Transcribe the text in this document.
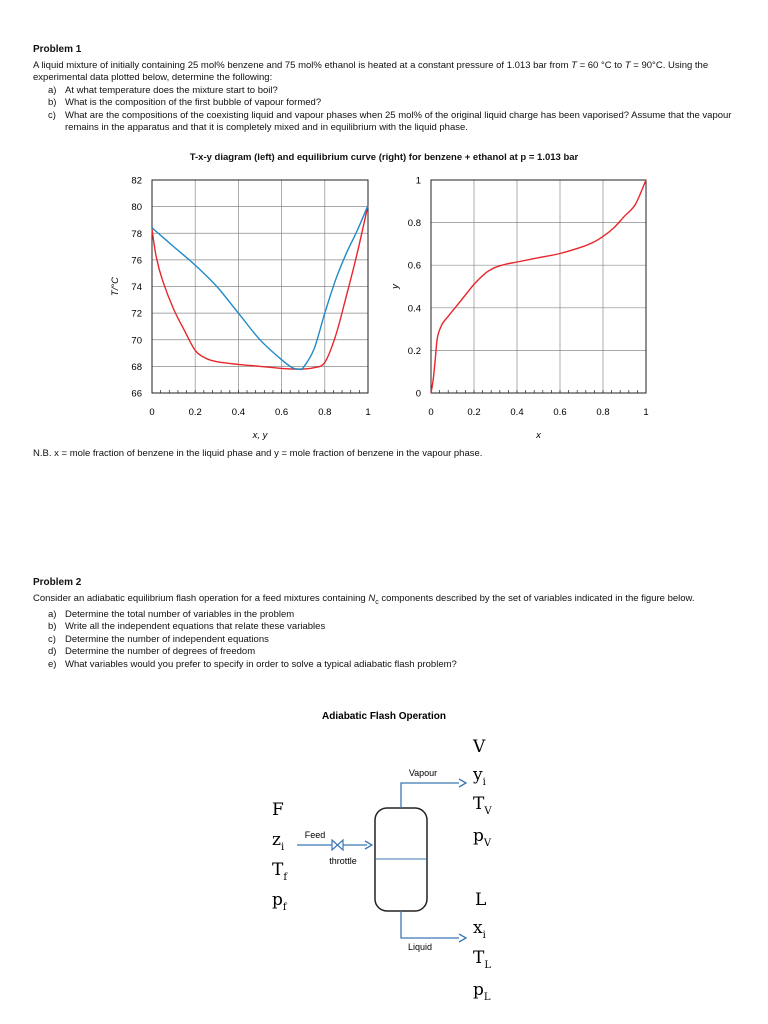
Problem 1

A liquid mixture of initially containing 25 mol% benzene and 75 mol% ethanol is heated at a constant pressure of 1.013 bar from T = 60 °C to T = 90°C. Using the experimental data plotted below, determine the following:

a) At what temperature does the mixture start to boil?
b) What is the composition of the first bubble of vapour formed?
c) What are the compositions of the coexisting liquid and vapour phases when 25 mol% of the original liquid charge has been vaporised? Assume that the vapour remains in the apparatus and that it is completely mixed and in equilibrium with the liquid phase.
T-x-y diagram (left) and equilibrium curve (right) for benzene + ethanol at p = 1.013 bar
0	0.2	0.4	0.6	0.8	1
66
68
70
72
74
76
78
80
82
x, y
T/°C
0	0.2	0.4	0.6	0.8	1
0
0.2
0.4
0.6
0.8
1
x
y
N.B. x = mole fraction of benzene in the liquid phase and y = mole fraction of benzene in the vapour phase.
Problem 2

Consider an adiabatic equilibrium flash operation for a feed mixtures containing $N_c$ components described by the set of variables indicated in the figure below.

a) Determine the total number of variables in the problem
b) Write all the independent equations that relate these variables
c) Determine the number of independent equations
d) Determine the number of degrees of freedom
e) What variables would you prefer to specify in order to solve a typical adiabatic flash problem?
Adiabatic Flash Operation
Vapour
Liquid
Feed
throttle
F
$z_i$
$T_f$
$p_f$
V
$y_i$
$T_V$
$p_V$
L
$x_i$
$T_L$
$p_L$
